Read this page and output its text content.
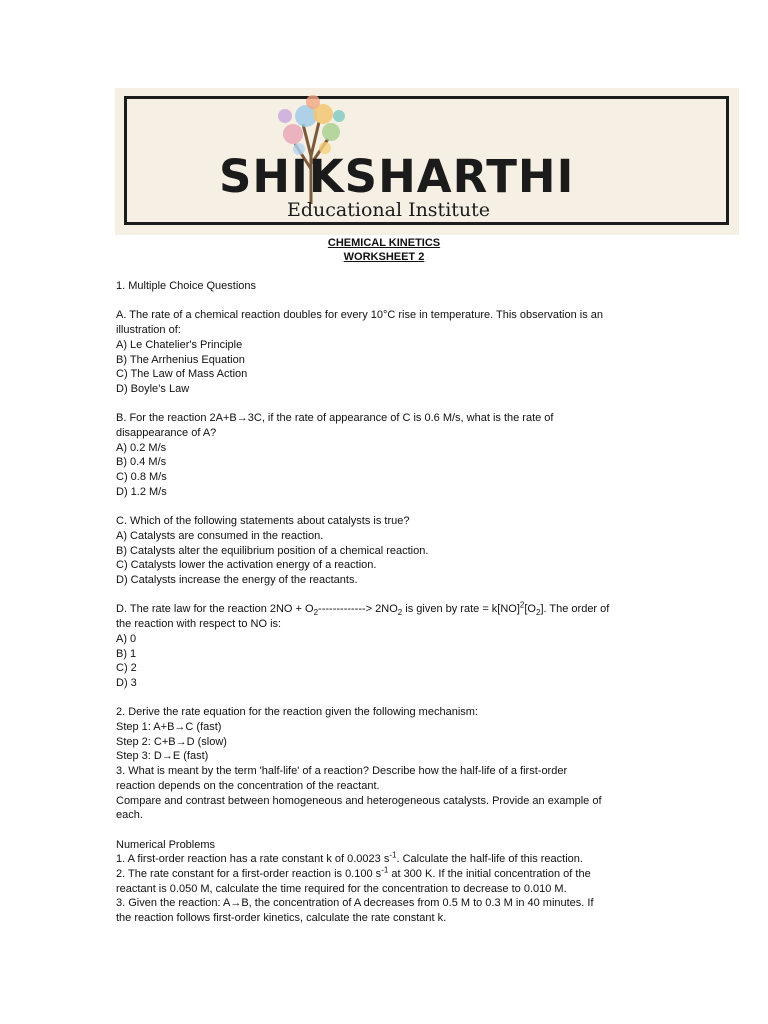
SHIKSHARTHI
Educational Institute
CHEMICAL KINETICS
WORKSHEET 2
1. Multiple Choice Questions
A. The rate of a chemical reaction doubles for every 10°C rise in temperature. This observation is an
illustration of:
A) Le Chatelier's Principle
B) The Arrhenius Equation
C) The Law of Mass Action
D) Boyle’s Law
B. For the reaction 2A+B→3C, if the rate of appearance of C is 0.6 M/s, what is the rate of
disappearance of A?
A) 0.2 M/s
B) 0.4 M/s
C) 0.8 M/s
D) 1.2 M/s
C. Which of the following statements about catalysts is true?
A) Catalysts are consumed in the reaction.
B) Catalysts alter the equilibrium position of a chemical reaction.
C) Catalysts lower the activation energy of a reaction.
D) Catalysts increase the energy of the reactants.
D. The rate law for the reaction $2NO + O_2-------------> 2NO_2$ is given by rate = $k[NO]^2[O_2]$. The order of
the reaction with respect to NO is:
A) 0
B) 1
C) 2
D) 3
2. Derive the rate equation for the reaction given the following mechanism:
Step 1: A+B→C (fast)
Step 2: C+B→D (slow)
Step 3: D→E (fast)
3. What is meant by the term 'half-life' of a reaction? Describe how the half-life of a first-order
reaction depends on the concentration of the reactant.
Compare and contrast between homogeneous and heterogeneous catalysts. Provide an example of
each.
Numerical Problems
1. A first-order reaction has a rate constant k of 0.0023 $s^{-1}$. Calculate the half-life of this reaction.
2. The rate constant for a first-order reaction is 0.100 $s^{-1}$ at 300 K. If the initial concentration of the
reactant is 0.050 M, calculate the time required for the concentration to decrease to 0.010 M.
3. Given the reaction: A→B, the concentration of A decreases from 0.5 M to 0.3 M in 40 minutes. If
the reaction follows first-order kinetics, calculate the rate constant k.
